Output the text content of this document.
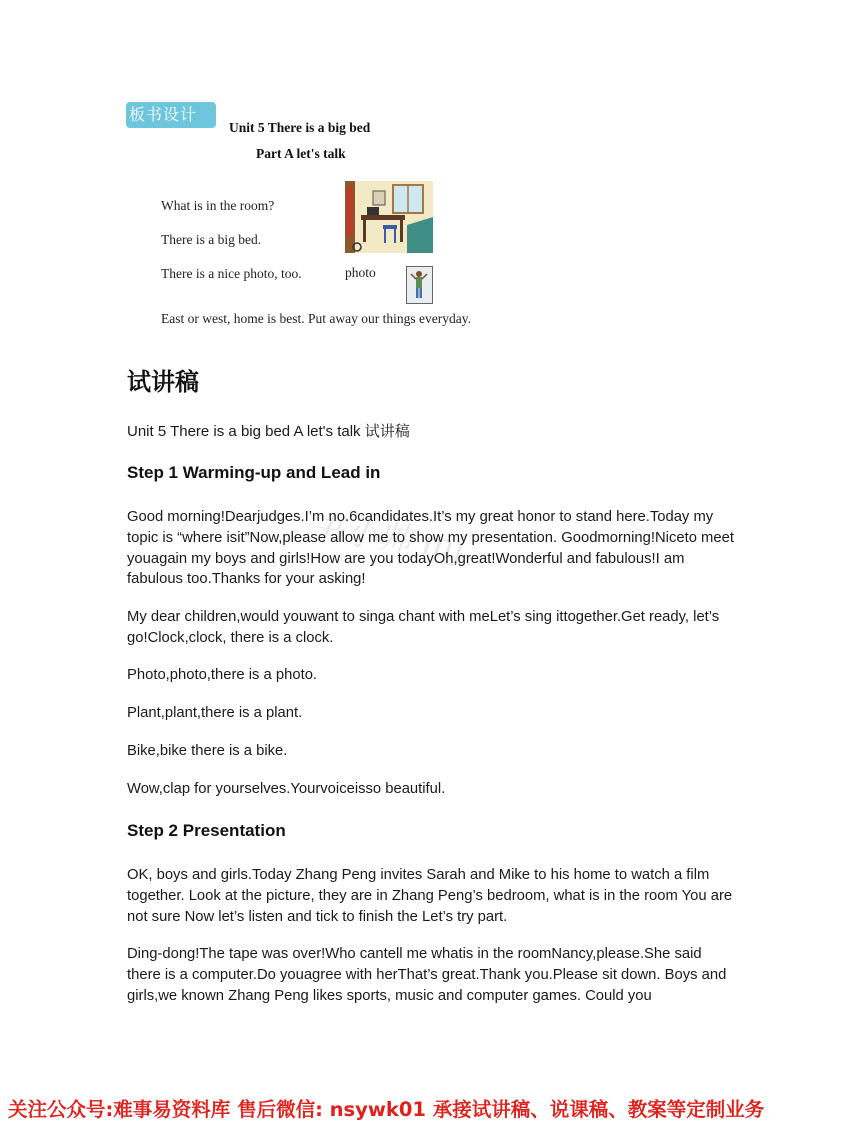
板书设计
Unit 5 There is a big bed
Part A let's talk
What is in the room?
There is a big bed.
There is a nice photo, too.	photo
East or west, home is best. Put away our things everyday.
试讲稿
Unit 5 There is a big bed A let's talk 试讲稿
Step 1 Warming-up and Lead in
Good morning!Dearjudges.I’m no.6candidates.It’s my great honor to stand here.Today my topic is “where isit”Now,please allow me to show my presentation. Goodmorning!Niceto meet youagain my boys and girls!How are you todayOh,great!Wonderful and fabulous!I am fabulous too.Thanks for your asking!
My dear children,would youwant to singa chant with meLet’s sing ittogether.Get ready, let’s go!Clock,clock, there is a clock.
Photo,photo,there is a photo.
Plant,plant,there is a plant.
Bike,bike there is a bike.
Wow,clap for yourselves.Yourvoiceisso beautiful.
Step 2 Presentation
OK, boys and girls.Today Zhang Peng invites Sarah and Mike to his home to watch a film together. Look at the picture, they are in Zhang Peng’s bedroom, what is in the room You are not sure Now let’s listen and tick to finish the Let’s try part.
Ding-dong!The tape was over!Who cantell me whatis in the roomNancy,please.She said there is a computer.Do youagree with herThat’s great.Thank you.Please sit down. Boys and girls,we known Zhang Peng likes sports, music and computer games. Could you
书小帅 mj
关注公众号:难事易资料库 售后微信: nsywk01 承接试讲稿、说课稿、教案等定制业务
